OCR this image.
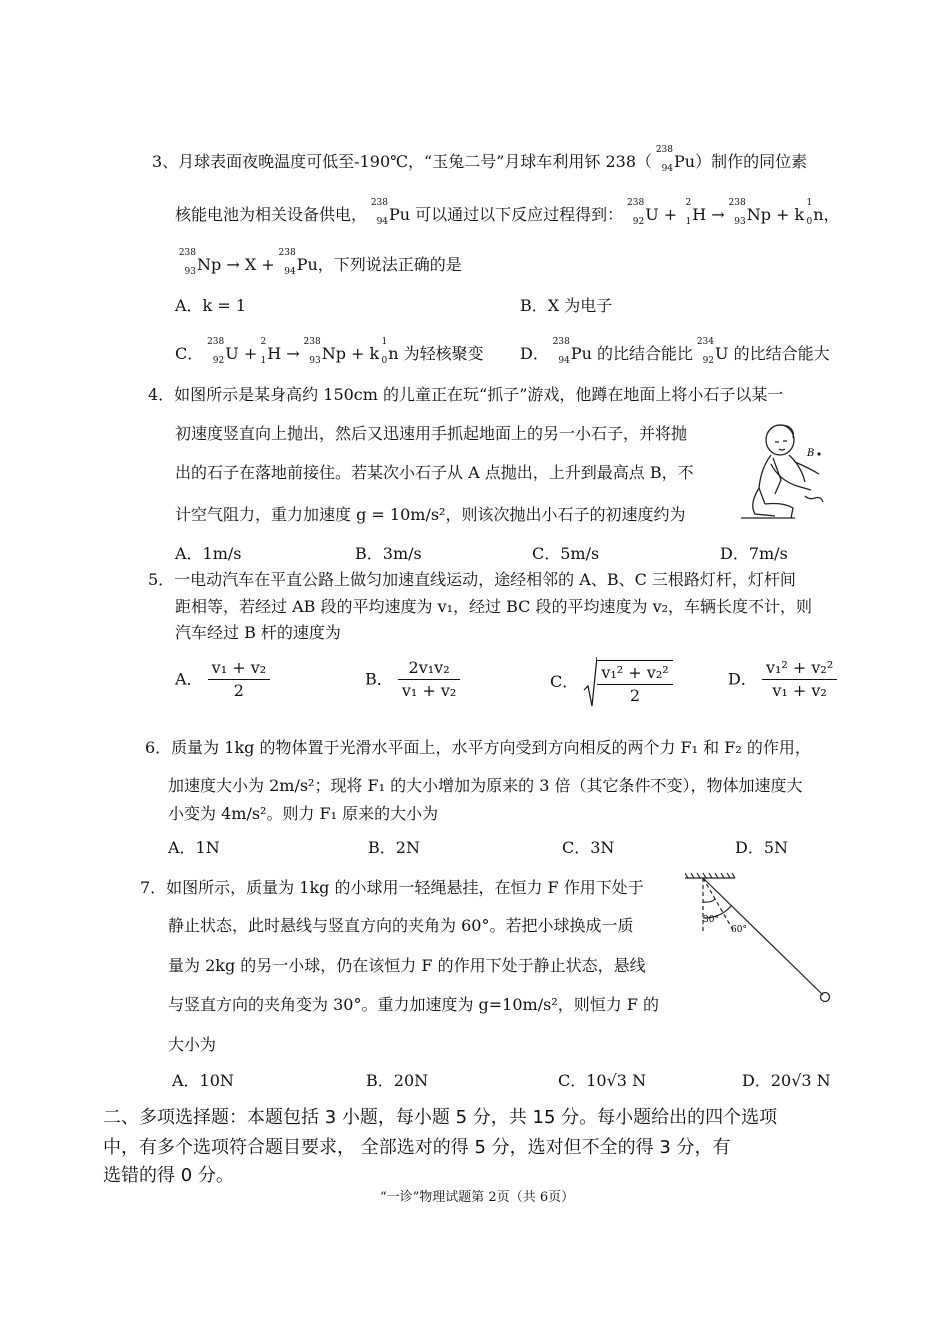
3、月球表面夜晚温度可低至-190℃，“玉兔二号”月球车利用钚 238（
238
94 Pu）制作的同位素
核能电池为相关设备供电，
238
94 Pu 可以通过以下反应过程得到：
238
92 U +
2
1 H →
238
93 Np + k
1
0 n，
238
93 Np → X +
238
94 Pu，下列说法正确的是
A．k = 1	B．X 为电子
C．
238
92 U +
2
1 H →
238
93 Np + k
1
0 n 为轻核聚变 D．
238
94 Pu 的比结合能比
234
92 U 的比结合能大
4．如图所示是某身高约 150cm 的儿童正在玩“抓子”游戏，他蹲在地面上将小石子以某一
初速度竖直向上抛出，然后又迅速用手抓起地面上的另一小石子，并将抛
出的石子在落地前接住。若某次小石子从 A 点抛出，上升到最高点 B，不
计空气阻力，重力加速度 g = 10m/s²，则该次抛出小石子的初速度约为
B
A．1m/s	B．3m/s	C．5m/s	D．7m/s
5．一电动汽车在平直公路上做匀加速直线运动，途经相邻的 A、B、C 三根路灯杆，灯杆间
距相等，若经过 AB 段的平均速度为 v₁，经过 BC 段的平均速度为 v₂，车辆长度不计，则
汽车经过 B 杆的速度为
A． $\frac{\text{v₁ + v₂}}{2}$	B． $\frac{\text{2v₁v₂}}{\text{v₁ + v₂}}$	C． $\frac{\text{v₁² + v₂²}}{2}$	D． $\frac{\text{v₁² + v₂²}}{\text{v₁ + v₂}}$
6．质量为 1kg 的物体置于光滑水平面上，水平方向受到方向相反的两个力 F₁ 和 F₂ 的作用，
加速度大小为 2m/s²；现将 F₁ 的大小增加为原来的 3 倍（其它条件不变），物体加速度大
小变为 4m/s²。则力 F₁ 原来的大小为
A．1N	B．2N	C．3N	D．5N
7．如图所示，质量为 1kg 的小球用一轻绳悬挂，在恒力 F 作用下处于
静止状态，此时悬线与竖直方向的夹角为 60°。若把小球换成一质
量为 2kg 的另一小球，仍在该恒力 F 的作用下处于静止状态，悬线
与竖直方向的夹角变为 30°。重力加速度为 g=10m/s²，则恒力 F 的
大小为
30°
60°
A．10N	B．20N	C．10√3 N	D．20√3 N
二、多项选择题：本题包括 3 小题，每小题 5 分，共 15 分。每小题给出的四个选项
中，有多个选项符合题目要求， 全部选对的得 5 分，选对但不全的得 3 分，有
选错的得 0 分。
“一诊”物理试题第 2页（共 6页）
